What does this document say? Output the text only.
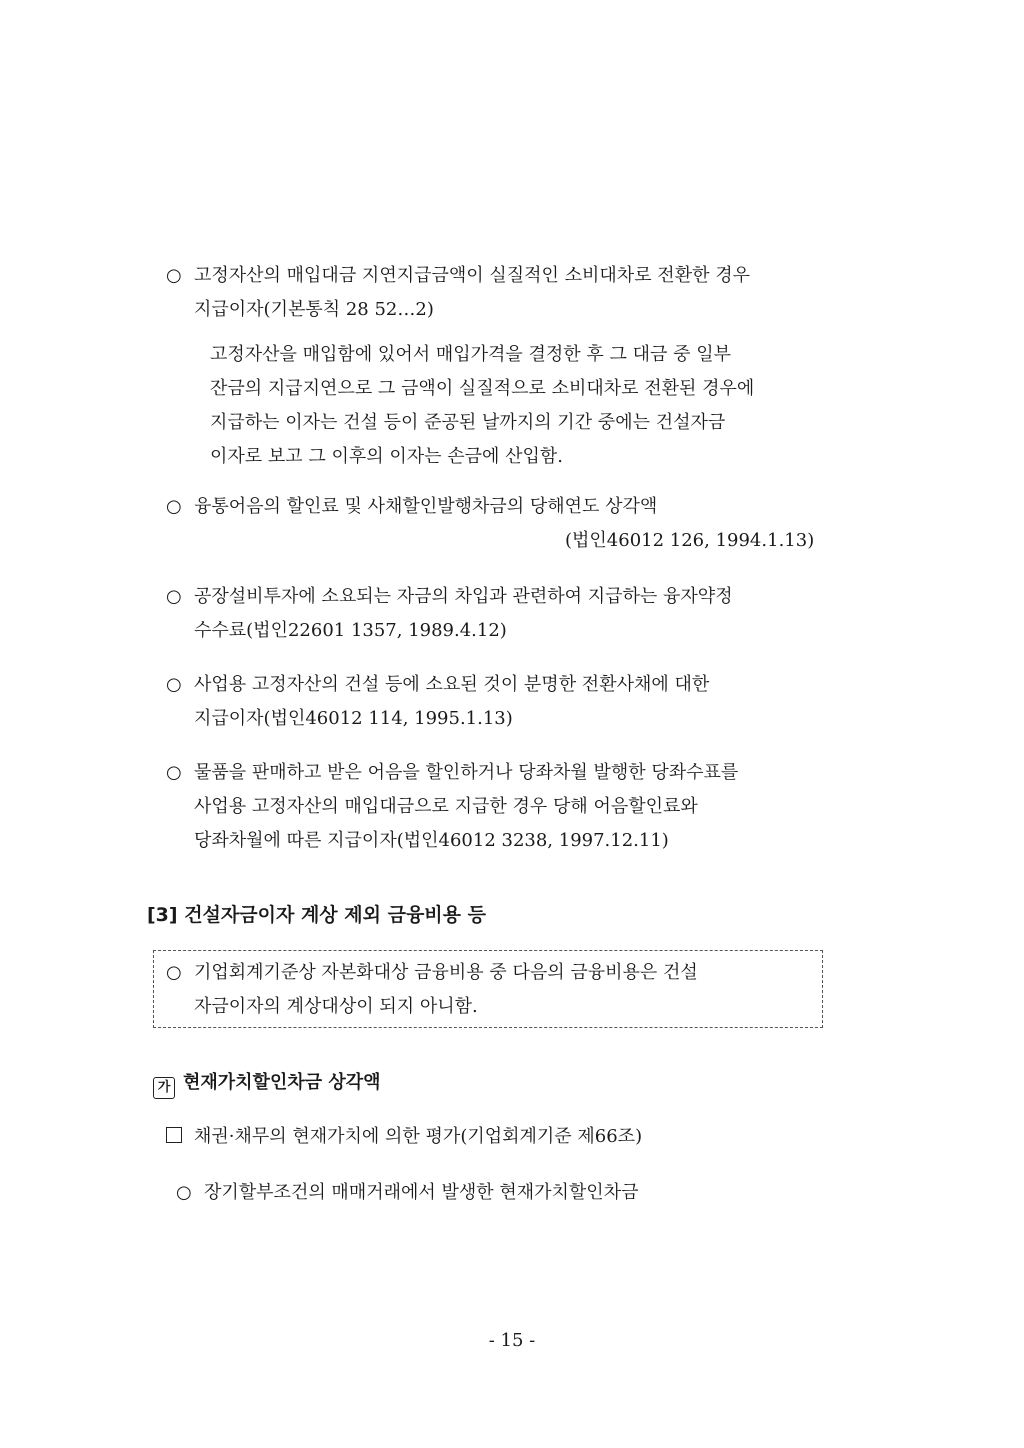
○ 고정자산의 매입대금 지연지급금액이 실질적인 소비대차로 전환한 경우
지급이자(기본통칙 28 52…2)
고정자산을 매입함에 있어서 매입가격을 결정한 후 그 대금 중 일부
잔금의 지급지연으로 그 금액이 실질적으로 소비대차로 전환된 경우에
지급하는 이자는 건설 등이 준공된 날까지의 기간 중에는 건설자금
이자로 보고 그 이후의 이자는 손금에 산입함.
○ 융통어음의 할인료 및 사채할인발행차금의 당해연도 상각액
(법인46012 126, 1994.1.13)
○ 공장설비투자에 소요되는 자금의 차입과 관련하여 지급하는 융자약정
수수료(법인22601 1357, 1989.4.12)
○ 사업용 고정자산의 건설 등에 소요된 것이 분명한 전환사채에 대한
지급이자(법인46012 114, 1995.1.13)
○ 물품을 판매하고 받은 어음을 할인하거나 당좌차월 발행한 당좌수표를
사업용 고정자산의 매입대금으로 지급한 경우 당해 어음할인료와
당좌차월에 따른 지급이자(법인46012 3238, 1997.12.11)
[3] 건설자금이자 계상 제외 금융비용 등
○ 기업회계기준상 자본화대상 금융비용 중 다음의 금융비용은 건설
자금이자의 계상대상이 되지 아니함.
가 현재가치할인차금 상각액
채권·채무의 현재가치에 의한 평가(기업회계기준 제66조)
○ 장기할부조건의 매매거래에서 발생한 현재가치할인차금
- 15 -
